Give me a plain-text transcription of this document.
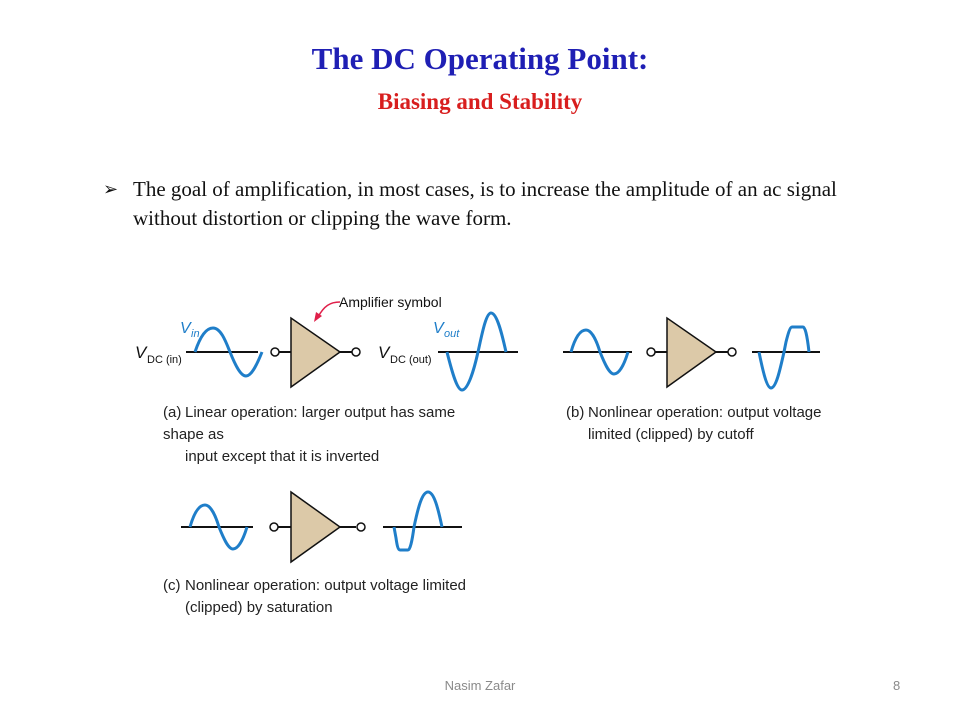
The DC Operating Point:
Biasing and Stability
➢ The goal of amplification, in most cases, is to increase the amplitude of an ac signal without distortion or clipping the wave form.
V DC (in)
V in
Amplifier symbol
V DC (out)
V out
(a) Linear operation: larger output has same shape as
input except that it is inverted
(b) Nonlinear operation: output voltage
limited (clipped) by cutoff
(c) Nonlinear operation: output voltage limited
(clipped) by saturation
Nasim Zafar	8
